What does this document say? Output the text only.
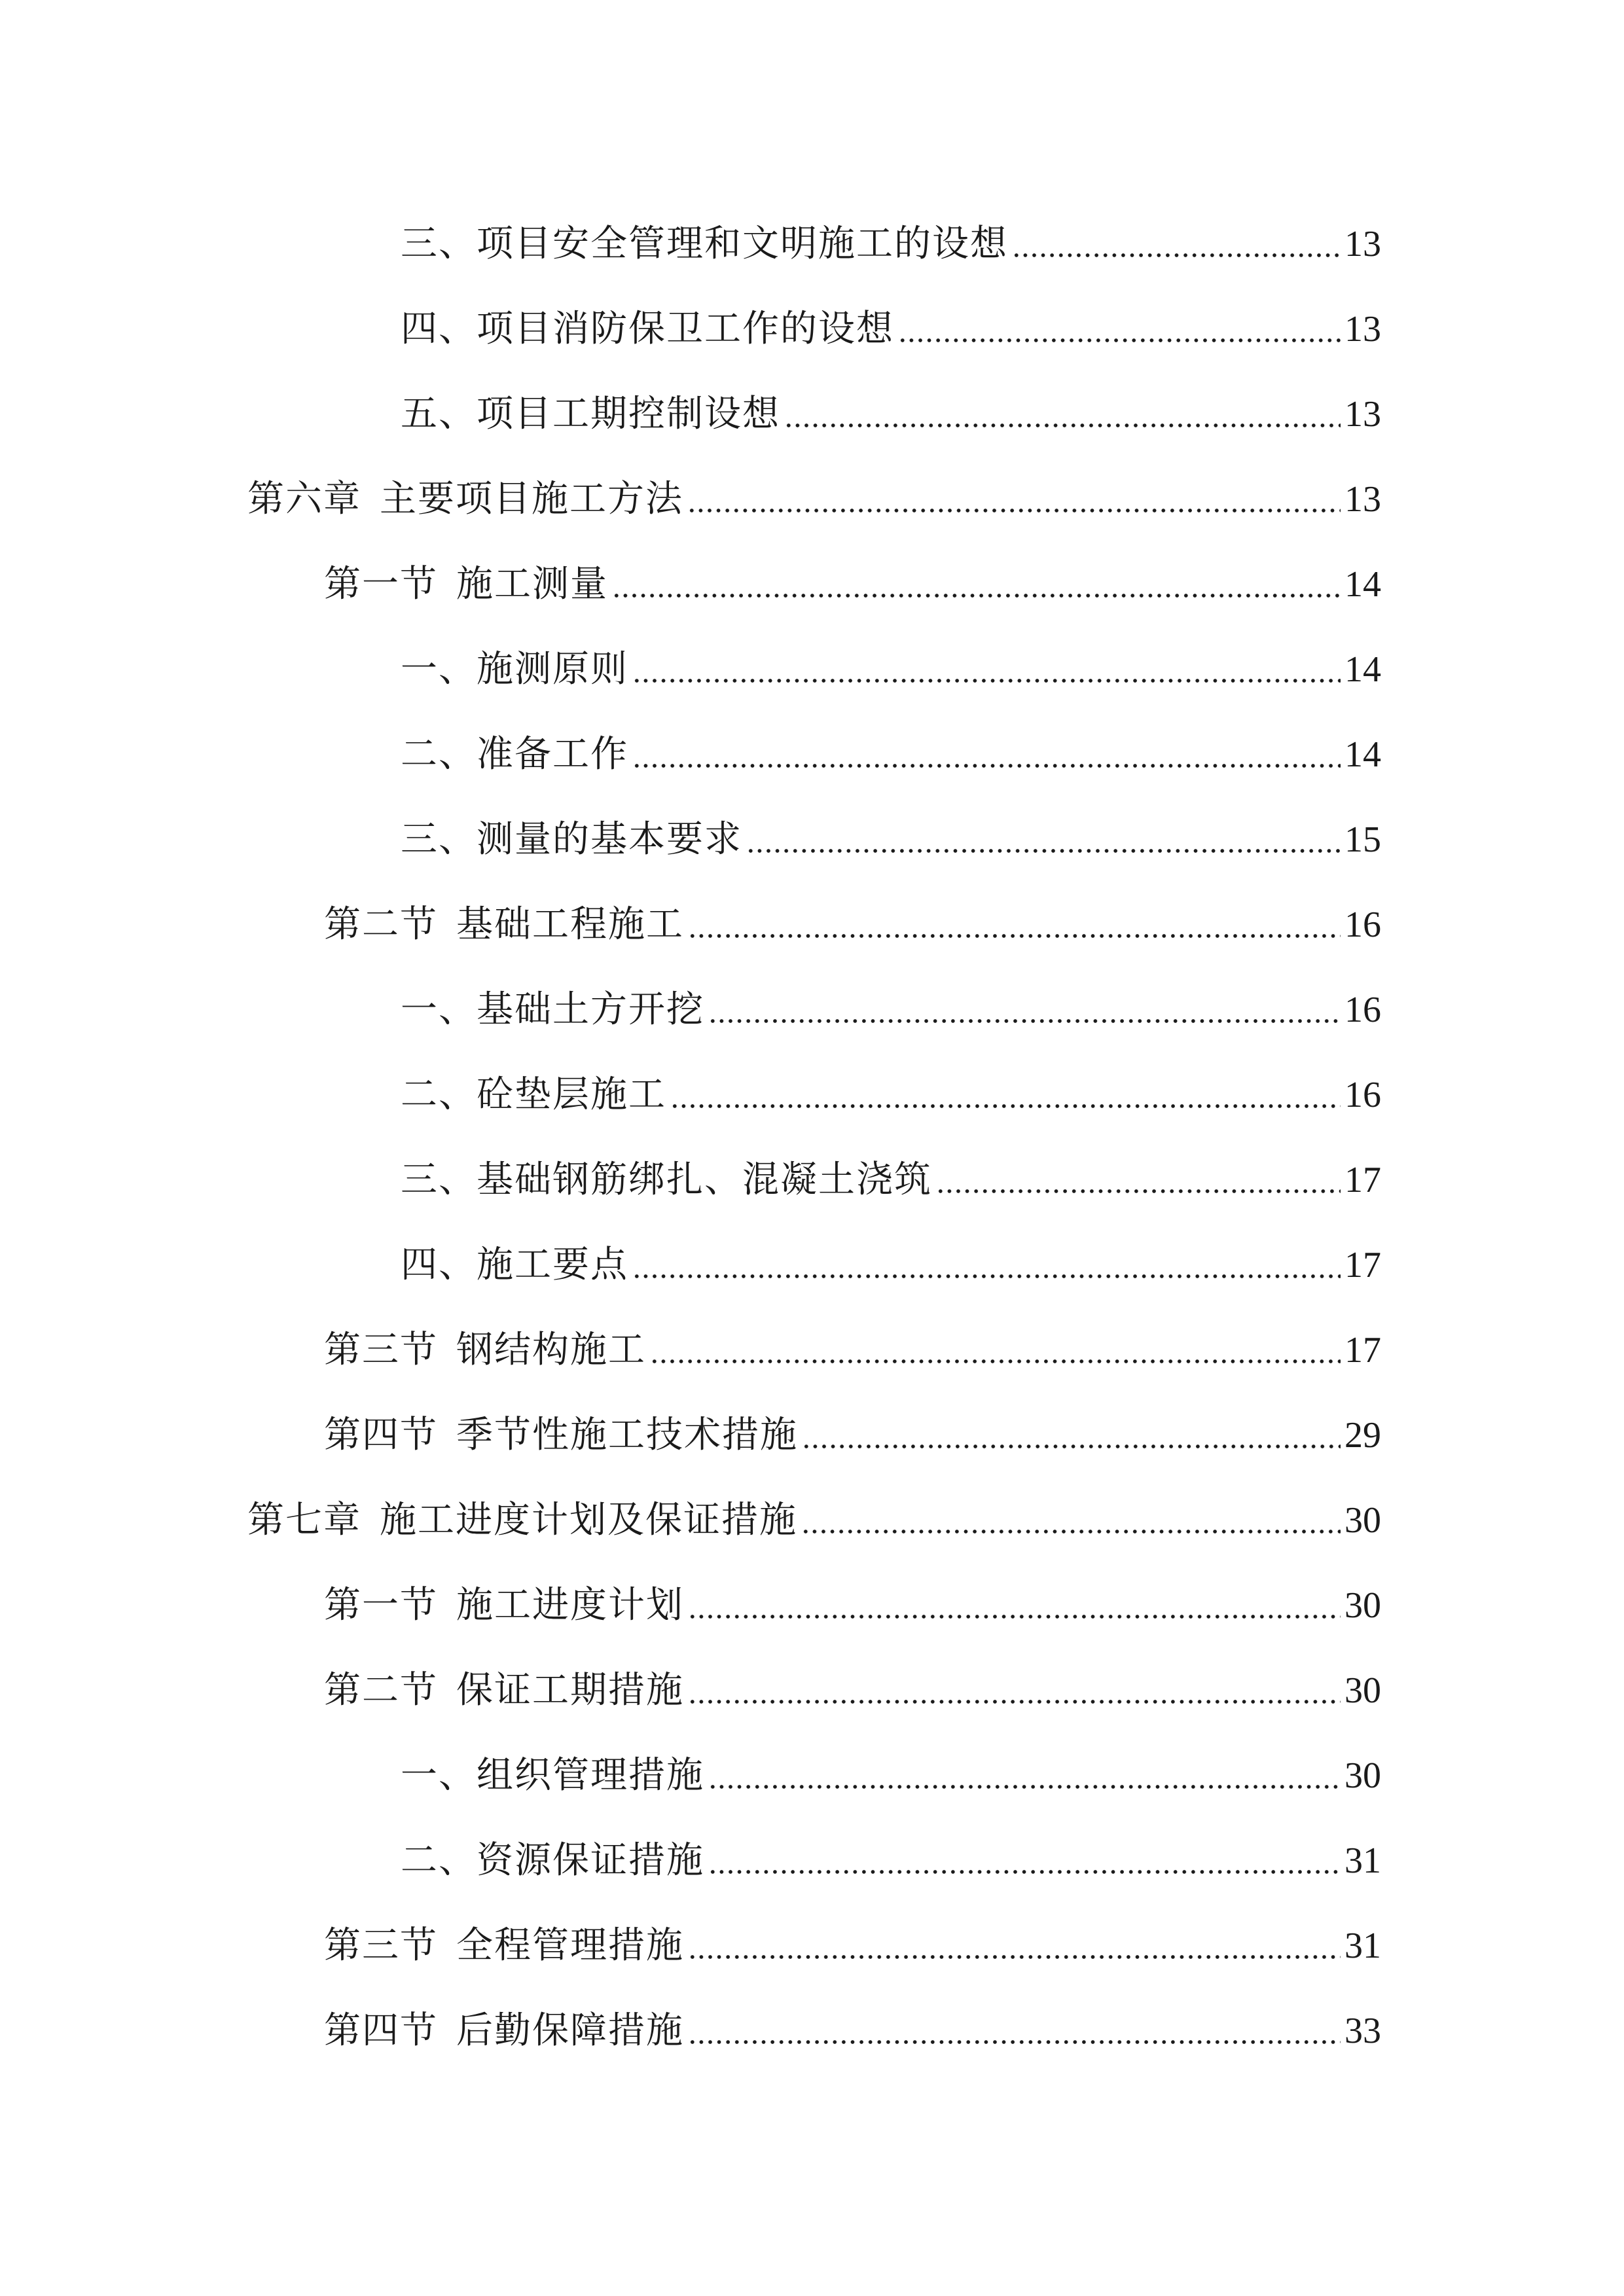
三、项目安全管理和文明施工的设想	13
四、项目消防保卫工作的设想	13
五、项目工期控制设想	13
第六章 主要项目施工方法	13
第一节 施工测量	14
一、施测原则	14
二、准备工作	14
三、测量的基本要求	15
第二节 基础工程施工	16
一、基础土方开挖	16
二、砼垫层施工	16
三、基础钢筋绑扎、混凝土浇筑	17
四、施工要点	17
第三节 钢结构施工	17
第四节 季节性施工技术措施	29
第七章 施工进度计划及保证措施	30
第一节 施工进度计划	30
第二节 保证工期措施	30
一、组织管理措施	30
二、资源保证措施	31
第三节 全程管理措施	31
第四节 后勤保障措施	33
